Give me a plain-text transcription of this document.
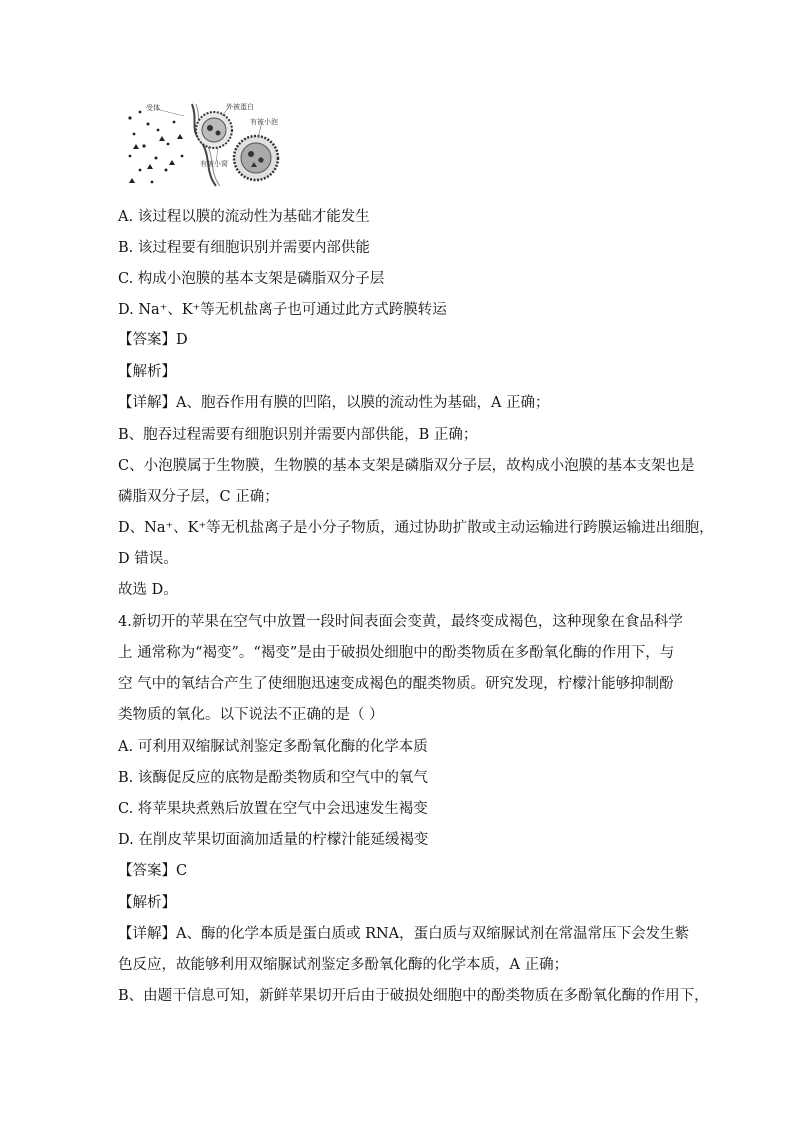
受体	外被蛋白
有被小泡
有被小窝
A. 该过程以膜的流动性为基础才能发生
B. 该过程要有细胞识别并需要内部供能
C. 构成小泡膜的基本支架是磷脂双分子层
D. Na⁺、K⁺等无机盐离子也可通过此方式跨膜转运
【答案】D
【解析】
【详解】A、胞吞作用有膜的凹陷，以膜的流动性为基础，A 正确；
B、胞吞过程需要有细胞识别并需要内部供能，B 正确；
C、小泡膜属于生物膜，生物膜的基本支架是磷脂双分子层，故构成小泡膜的基本支架也是
磷脂双分子层，C 正确；
D、Na⁺、K⁺等无机盐离子是小分子物质，通过协助扩散或主动运输进行跨膜运输进出细胞，
D 错误。
故选 D。
4.新切开的苹果在空气中放置一段时间表面会变黄，最终变成褐色，这种现象在食品科学
上 通常称为“褐变”。“褐变”是由于破损处细胞中的酚类物质在多酚氧化酶的作用下，与
空 气中的氧结合产生了使细胞迅速变成褐色的醌类物质。研究发现，柠檬汁能够抑制酚
类物质的氧化。以下说法不正确的是（ ）
A. 可利用双缩脲试剂鉴定多酚氧化酶的化学本质
B. 该酶促反应的底物是酚类物质和空气中的氧气
C. 将苹果块煮熟后放置在空气中会迅速发生褐变
D. 在削皮苹果切面滴加适量的柠檬汁能延缓褐变
【答案】C
【解析】
【详解】A、酶的化学本质是蛋白质或 RNA，蛋白质与双缩脲试剂在常温常压下会发生紫
色反应，故能够利用双缩脲试剂鉴定多酚氧化酶的化学本质，A 正确；
B、由题干信息可知，新鲜苹果切开后由于破损处细胞中的酚类物质在多酚氧化酶的作用下，
